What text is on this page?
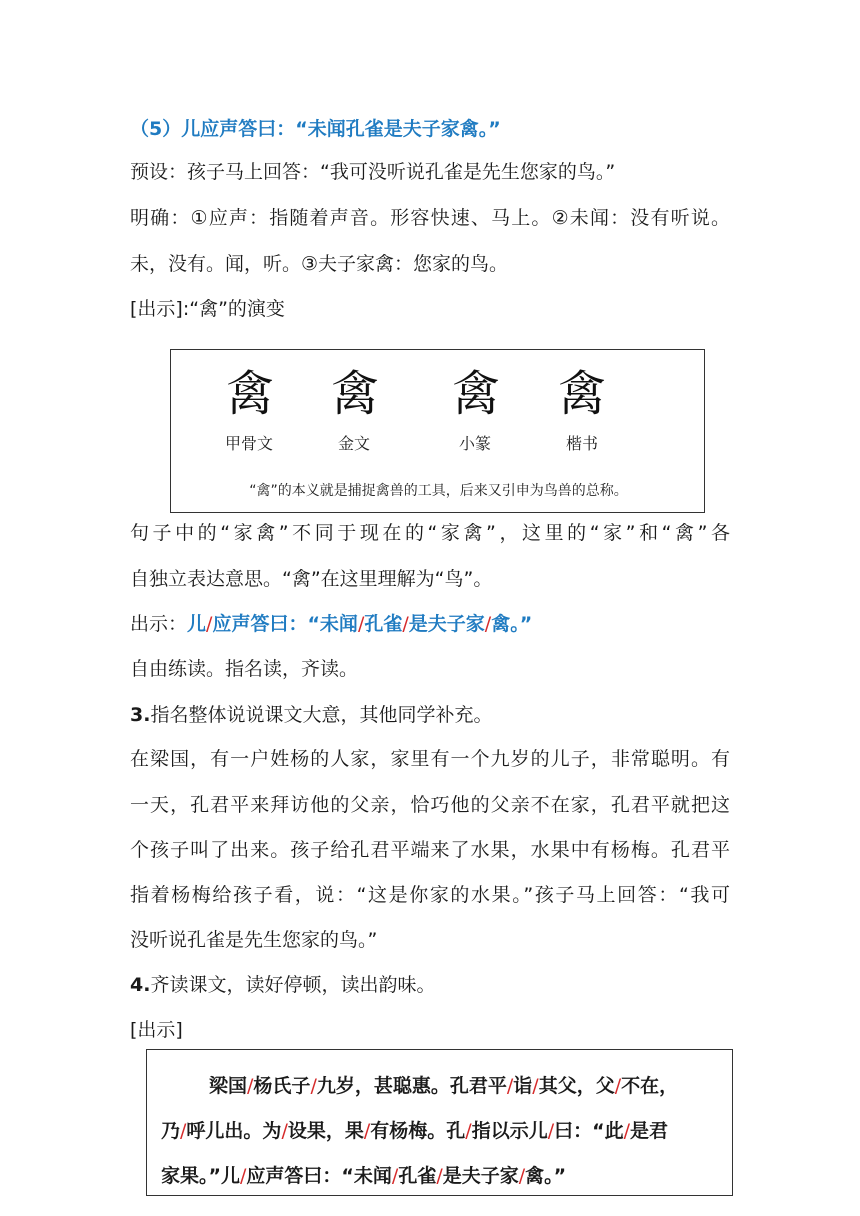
（5）儿应声答曰：“未闻孔雀是夫子家禽。”
预设：孩子马上回答：“我可没听说孔雀是先生您家的鸟。”
明确：①应声：指随着声音。形容快速、马上。②未闻：没有听说。
未，没有。闻，听。③夫子家禽：您家的鸟。
[出示]:“禽”的演变
禽	禽	禽	禽
甲骨文	金文	小篆	楷书
“禽”的本义就是捕捉禽兽的工具，后来又引申为鸟兽的总称。
句子中的“家禽”不同于现在的“家禽”，这里的“家”和“禽”各
自独立表达意思。“禽”在这里理解为“鸟”。
出示：儿/应声答曰：“未闻/孔雀/是夫子家/禽。”
自由练读。指名读，齐读。
3.指名整体说说课文大意，其他同学补充。
在梁国，有一户姓杨的人家，家里有一个九岁的儿子，非常聪明。有
一天，孔君平来拜访他的父亲，恰巧他的父亲不在家，孔君平就把这
个孩子叫了出来。孩子给孔君平端来了水果，水果中有杨梅。孔君平
指着杨梅给孩子看，说：“这是你家的水果。”孩子马上回答：“我可
没听说孔雀是先生您家的鸟。”
4.齐读课文，读好停顿，读出韵味。
[出示]
梁国/杨氏子/九岁，甚聪惠。孔君平/诣/其父，父/不在，
乃/呼儿出。为/设果，果/有杨梅。孔/指以示儿/曰：“此/是君
家果。”儿/应声答曰：“未闻/孔雀/是夫子家/禽。”
